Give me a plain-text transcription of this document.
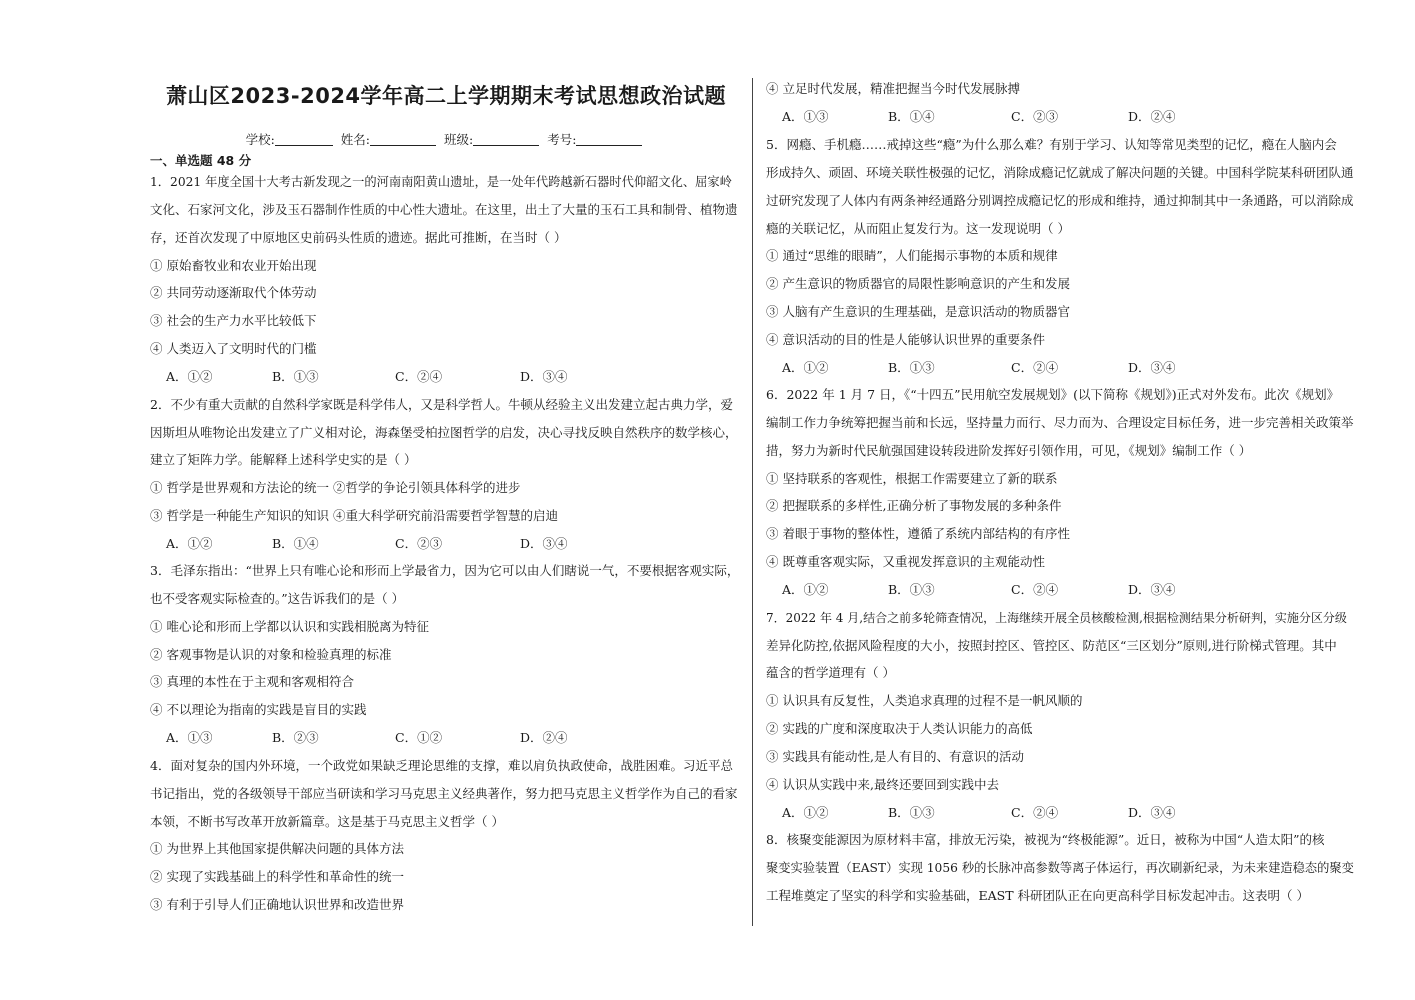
萧山区2023-2024学年高二上学期期末考试思想政治试题
学校:	姓名:	班级:	考号:
一、单选题 48 分
1．2021 年度全国十大考古新发现之一的河南南阳黄山遗址，是一处年代跨越新石器时代仰韶文化、屈家岭
文化、石家河文化，涉及玉石器制作性质的中心性大遗址。在这里，出土了大量的玉石工具和制骨、植物遗
存，还首次发现了中原地区史前码头性质的遗迹。据此可推断，在当时（ ）
① 原始畜牧业和农业开始出现
② 共同劳动逐渐取代个体劳动
③ 社会的生产力水平比较低下
④ 人类迈入了文明时代的门槛
A．①②	B．①③	C．②④	D．③④
2．不少有重大贡献的自然科学家既是科学伟人，又是科学哲人。牛顿从经验主义出发建立起古典力学，爱
因斯坦从唯物论出发建立了广义相对论，海森堡受柏拉图哲学的启发，决心寻找反映自然秩序的数学核心，
建立了矩阵力学。能解释上述科学史实的是（ ）
① 哲学是世界观和方法论的统一 ②哲学的争论引领具体科学的进步
③ 哲学是一种能生产知识的知识 ④重大科学研究前沿需要哲学智慧的启迪
A．①②	B．①④	C．②③	D．③④
3．毛泽东指出：“世界上只有唯心论和形而上学最省力，因为它可以由人们瞎说一气，不要根据客观实际，
也不受客观实际检查的。”这告诉我们的是（ ）
① 唯心论和形而上学都以认识和实践相脱离为特征
② 客观事物是认识的对象和检验真理的标准
③ 真理的本性在于主观和客观相符合
④ 不以理论为指南的实践是盲目的实践
A．①③	B．②③	C．①②	D．②④
4．面对复杂的国内外环境，一个政党如果缺乏理论思维的支撑，难以肩负执政使命，战胜困难。习近平总
书记指出，党的各级领导干部应当研读和学习马克思主义经典著作，努力把马克思主义哲学作为自己的看家
本领，不断书写改革开放新篇章。这是基于马克思主义哲学（ ）
① 为世界上其他国家提供解决问题的具体方法
② 实现了实践基础上的科学性和革命性的统一
③ 有利于引导人们正确地认识世界和改造世界
④ 立足时代发展，精准把握当今时代发展脉搏
A．①③	B．①④	C．②③	D．②④
5．网瘾、手机瘾……戒掉这些“瘾”为什么那么难？有别于学习、认知等常见类型的记忆，瘾在人脑内会
形成持久、顽固、环境关联性极强的记忆，消除成瘾记忆就成了解决问题的关键。中国科学院某科研团队通
过研究发现了人体内有两条神经通路分别调控成瘾记忆的形成和维持，通过抑制其中一条通路，可以消除成
瘾的关联记忆，从而阻止复发行为。这一发现说明（ ）
① 通过“思维的眼睛”，人们能揭示事物的本质和规律
② 产生意识的物质器官的局限性影响意识的产生和发展
③ 人脑有产生意识的生理基础，是意识活动的物质器官
④ 意识活动的目的性是人能够认识世界的重要条件
A．①②	B．①③	C．②④	D．③④
6．2022 年 1 月 7 日，《“十四五”民用航空发展规划》(以下简称《规划》)正式对外发布。此次《规划》
编制工作力争统筹把握当前和长远，坚持量力而行、尽力而为、合理设定目标任务，进一步完善相关政策举
措，努力为新时代民航强国建设转段进阶发挥好引领作用，可见，《规划》编制工作（ ）
① 坚持联系的客观性，根据工作需要建立了新的联系
② 把握联系的多样性,正确分析了事物发展的多种条件
③ 着眼于事物的整体性，遵循了系统内部结构的有序性
④ 既尊重客观实际，又重视发挥意识的主观能动性
A．①②	B．①③	C．②④	D．③④
7．2022 年 4 月,结合之前多轮筛查情况，上海继续开展全员核酸检测,根据检测结果分析研判，实施分区分级
差异化防控,依据风险程度的大小，按照封控区、管控区、防范区“三区划分”原则,进行阶梯式管理。其中
蕴含的哲学道理有（ ）
① 认识具有反复性，人类追求真理的过程不是一帆风顺的
② 实践的广度和深度取决于人类认识能力的高低
③ 实践具有能动性,是人有目的、有意识的活动
④ 认识从实践中来,最终还要回到实践中去
A．①②	B．①③	C．②④	D．③④
8．核聚变能源因为原材料丰富，排放无污染，被视为“终极能源”。近日，被称为中国“人造太阳”的核
聚变实验装置（EAST）实现 1056 秒的长脉冲高参数等离子体运行，再次刷新纪录，为未来建造稳态的聚变
工程堆奠定了坚实的科学和实验基础，EAST 科研团队正在向更高科学目标发起冲击。这表明（ ）
